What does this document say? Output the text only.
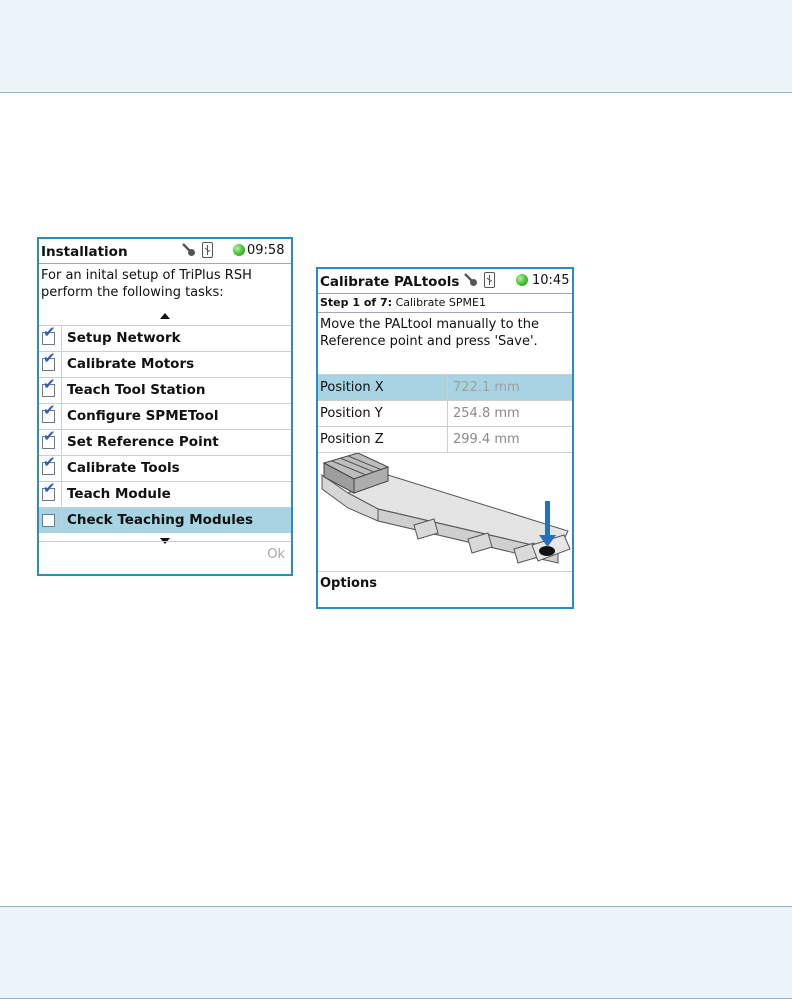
Installation	09:58
For an inital setup of TriPlus RSH perform the following tasks:
✔ Setup Network
✔ Calibrate Motors
✔ Teach Tool Station
✔ Configure SPMETool
✔ Set Reference Point
✔ Calibrate Tools
✔ Teach Module
Check Teaching Modules
Ok
Calibrate PALtools	10:45
Step 1 of 7: Calibrate SPME1
Move the PALtool manually to the Reference point and press 'Save'.
Position X	722.1 mm
Position Y	254.8 mm
Position Z	299.4 mm
Options
